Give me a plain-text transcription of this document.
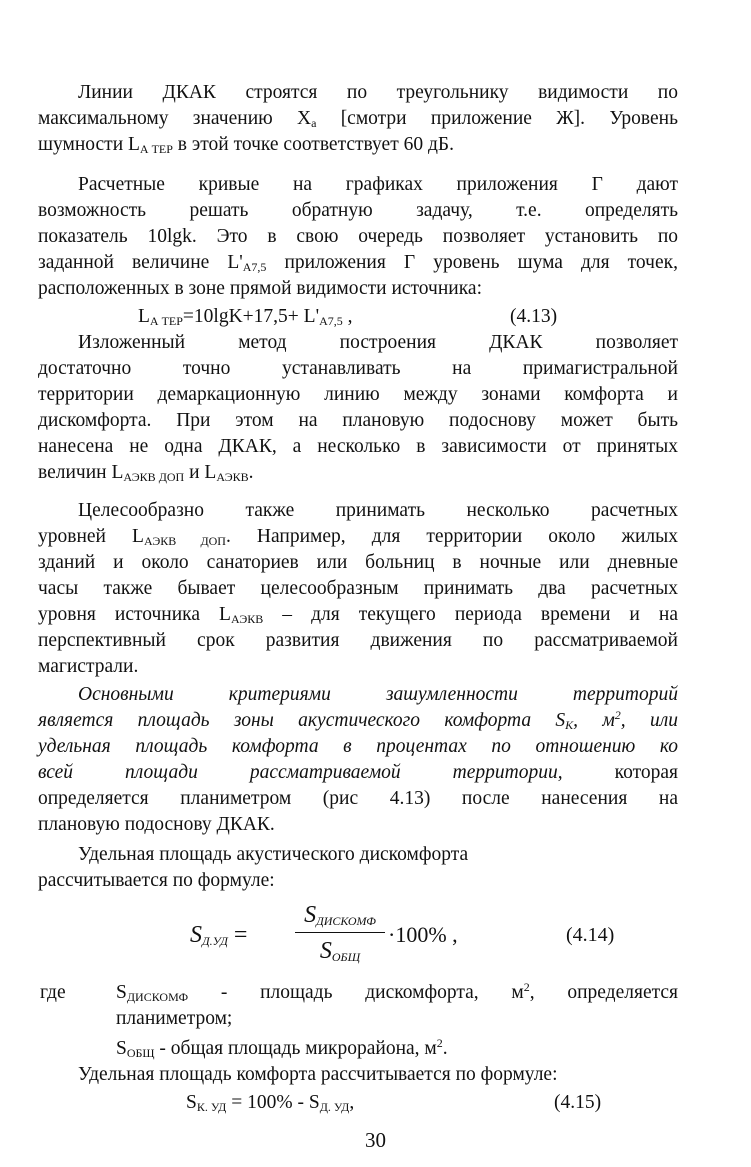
Линии ДКАК строятся по треугольнику видимости по
максимальному значению $Х_а$ [смотри приложение Ж]. Уровень
шумности $L_{А ТЕР}$ в этой точке соответствует 60 дБ.
Расчетные кривые на графиках приложения Г дают
возможность решать обратную задачу, т.е. определять
показатель 10lgk. Это в свою очередь позволяет установить по
заданной величине $L'_{А7,5}$ приложения Г уровень шума для точек,
расположенных в зоне прямой видимости источника:
$L_{А ТЕР}=10\lg K+17,5+ L'_{А7,5}$ ,	(4.13)
Изложенный метод построения ДКАК позволяет
достаточно точно устанавливать на примагистральной
территории демаркационную линию между зонами комфорта и
дискомфорта. При этом на плановую подоснову может быть
нанесена не одна ДКАК, а несколько в зависимости от принятых
величин $L_{АЭКВ ДОП}$ и $L_{АЭКВ}$.
Целесообразно также принимать несколько расчетных
уровней $L_{АЭКВ ДОП}$. Например, для территории около жилых
зданий и около санаториев или больниц в ночные или дневные
часы также бывает целесообразным принимать два расчетных
уровня источника $L_{АЭКВ}$ – для текущего периода времени и на
перспективный срок развития движения по рассматриваемой
магистрали.
Основными критериями зашумленности территорий
является площадь зоны акустического комфорта $S_К$, $м^2$, или
удельная площадь комфорта в процентах по отношению ко
всей площади рассматриваемой территории, которая
определяется планиметром (рис 4.13) после нанесения на
плановую подоснову ДКАК.
Удельная площадь акустического дискомфорта
рассчитывается по формуле:
$S_{Д.УД}$ =
$S_{ДИСКОМФ}$
$S_{ОБЩ}$
·100% ,	(4.14)
где	$S_{ДИСКОМФ}$ - площадь дискомфорта, $м^2$, определяется
планиметром;
$S_{ОБЩ}$ - общая площадь микрорайона, $м^2$.
Удельная площадь комфорта рассчитывается по формуле:
$S_{К. УД} = 100\% - S_{Д. УД}$,	(4.15)
30
